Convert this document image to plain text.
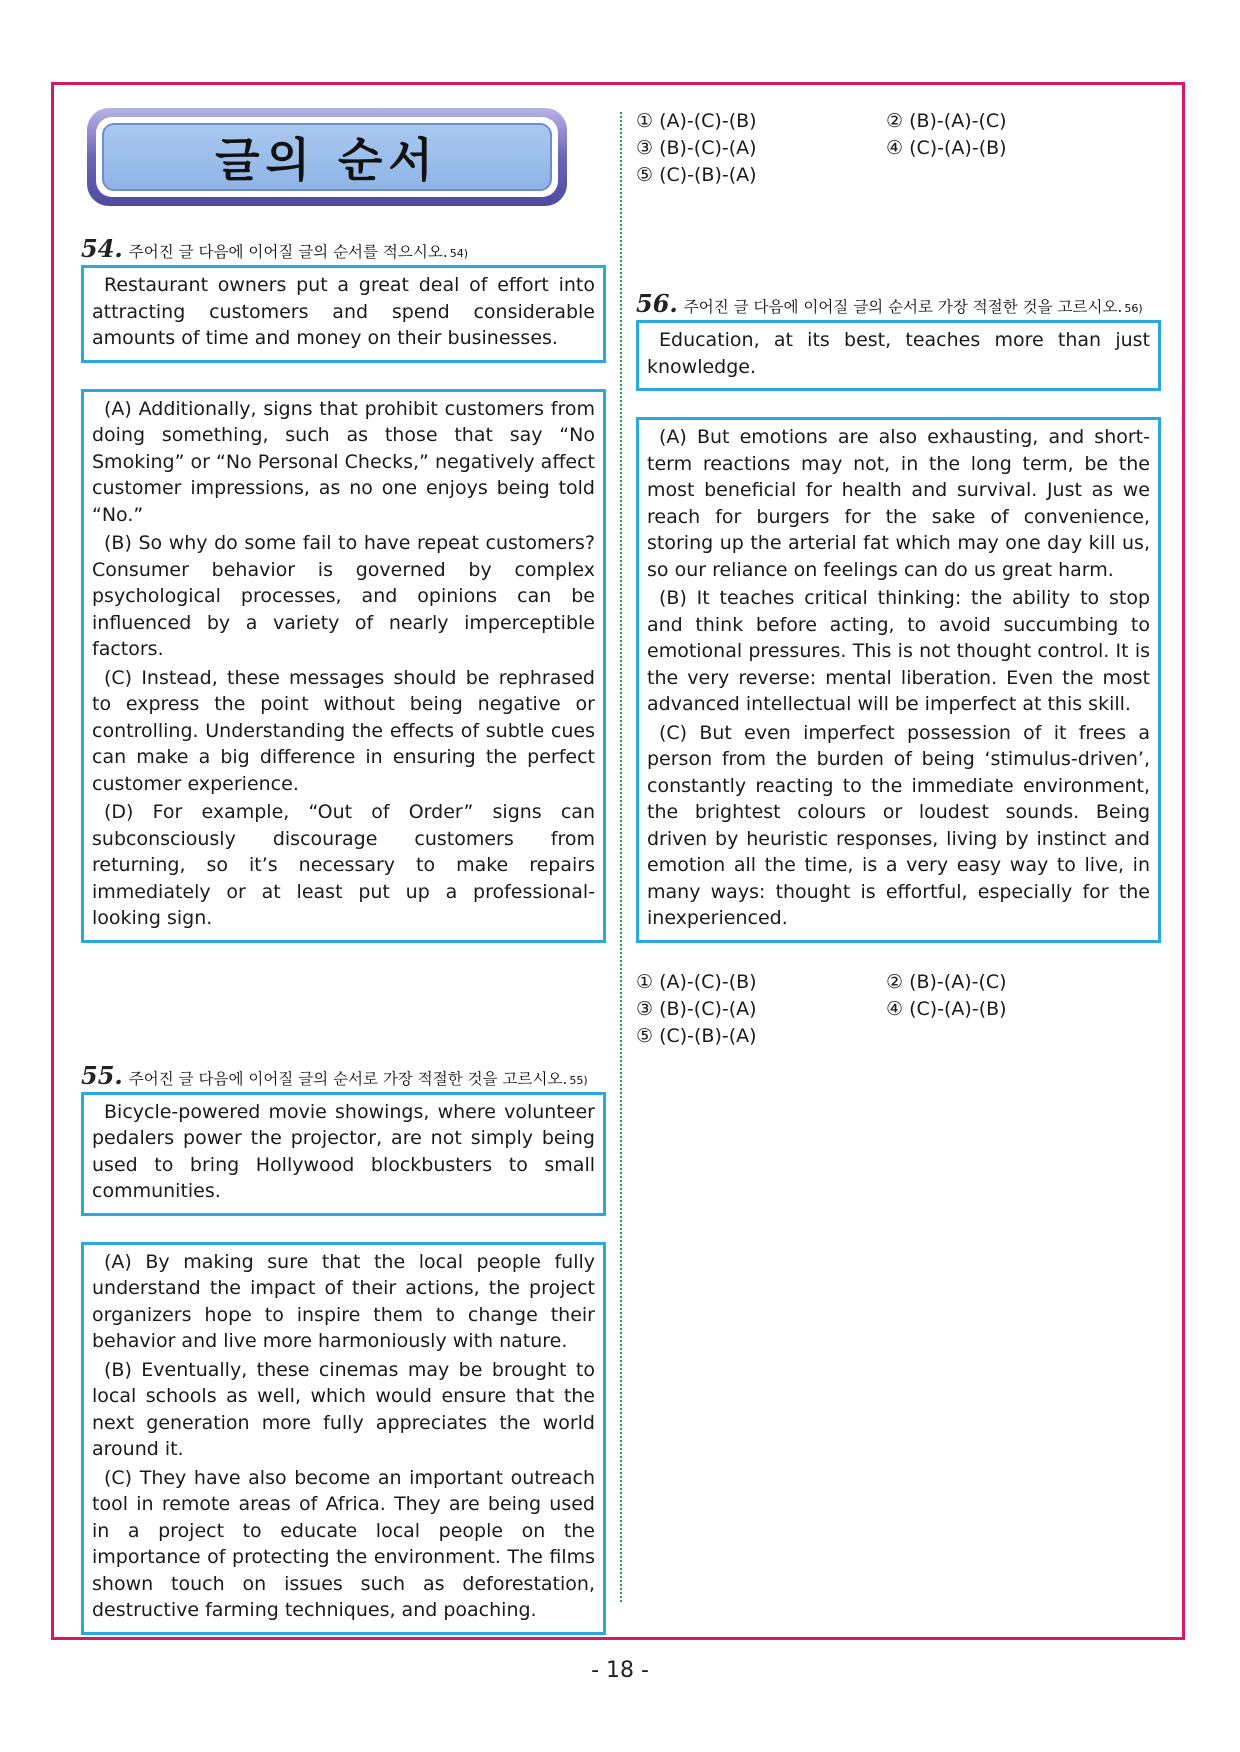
글의 순서
54. 주어진 글 다음에 이어질 글의 순서를 적으시오. 54)

Restaurant owners put a great deal of effort into attracting customers and spend considerable amounts of time and money on their businesses.

(A) Additionally, signs that prohibit customers from doing something, such as those that say “No Smoking” or “No Personal Checks,” negatively affect customer impressions, as no one enjoys being told “No.”

(B) So why do some fail to have repeat customers? Consumer behavior is governed by complex psychological processes, and opinions can be influenced by a variety of nearly imperceptible factors.

(C) Instead, these messages should be rephrased to express the point without being negative or controlling. Understanding the effects of subtle cues can make a big difference in ensuring the perfect customer experience.

(D) For example, “Out of Order” signs can subconsciously discourage customers from returning, so it’s necessary to make repairs immediately or at least put up a professional-looking sign.

55. 주어진 글 다음에 이어질 글의 순서로 가장 적절한 것을 고르시오. 55)

Bicycle-powered movie showings, where volunteer pedalers power the projector, are not simply being used to bring Hollywood blockbusters to small communities.

(A) By making sure that the local people fully understand the impact of their actions, the project organizers hope to inspire them to change their behavior and live more harmoniously with nature.

(B) Eventually, these cinemas may be brought to local schools as well, which would ensure that the next generation more fully appreciates the world around it.

(C) They have also become an important outreach tool in remote areas of Africa. They are being used in a project to educate local people on the importance of protecting the environment. The films shown touch on issues such as deforestation, destructive farming techniques, and poaching.

① (A)-(C)-(B)	② (B)-(A)-(C)
③ (B)-(C)-(A)	④ (C)-(A)-(B)
⑤ (C)-(B)-(A)
56. 주어진 글 다음에 이어질 글의 순서로 가장 적절한 것을 고르시오. 56)

Education, at its best, teaches more than just knowledge.

(A) But emotions are also exhausting, and short-term reactions may not, in the long term, be the most beneficial for health and survival. Just as we reach for burgers for the sake of convenience, storing up the arterial fat which may one day kill us, so our reliance on feelings can do us great harm.

(B) It teaches critical thinking: the ability to stop and think before acting, to avoid succumbing to emotional pressures. This is not thought control. It is the very reverse: mental liberation. Even the most advanced intellectual will be imperfect at this skill.

(C) But even imperfect possession of it frees a person from the burden of being ‘stimulus-driven’, constantly reacting to the immediate environment, the brightest colours or loudest sounds. Being driven by heuristic responses, living by instinct and emotion all the time, is a very easy way to live, in many ways: thought is effortful, especially for the inexperienced.

① (A)-(C)-(B)	② (B)-(A)-(C)
③ (B)-(C)-(A)	④ (C)-(A)-(B)
⑤ (C)-(B)-(A)
- 18 -
